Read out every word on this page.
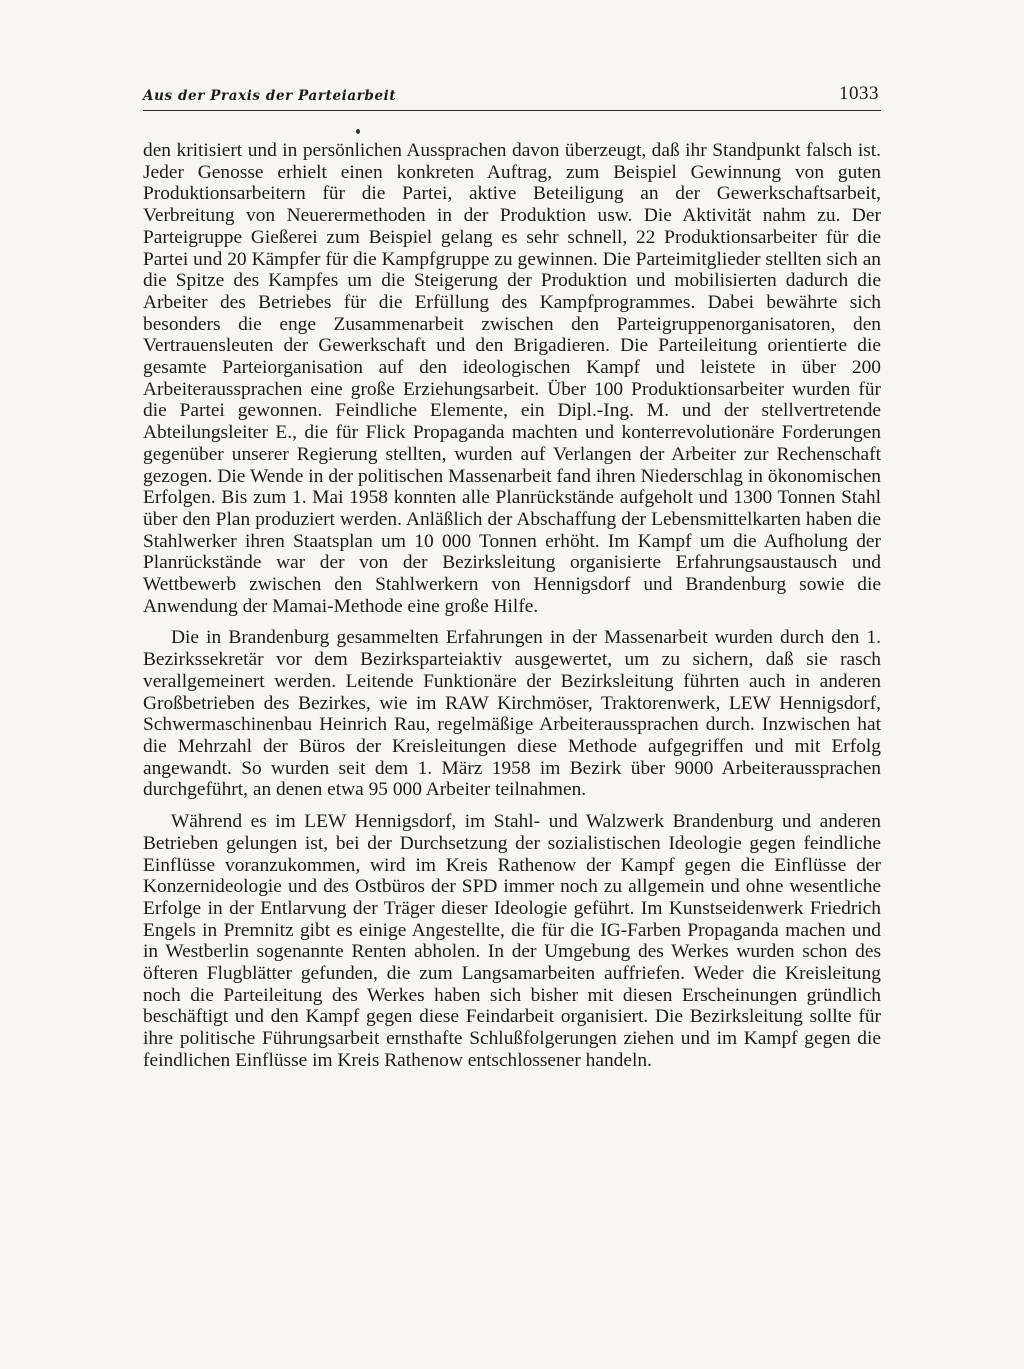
Aus der Praxis der Parteiarbeit	1033

den kritisiert und in persönlichen Aussprachen davon überzeugt, daß ihr Standpunkt falsch ist. Jeder Genosse erhielt einen konkreten Auftrag, zum Beispiel Gewinnung von guten Produktionsarbeitern für die Partei, aktive Beteiligung an der Gewerkschaftsarbeit, Verbreitung von Neuerermethoden in der Produktion usw. Die Aktivität nahm zu. Der Parteigruppe Gießerei zum Beispiel gelang es sehr schnell, 22 Produktionsarbeiter für die Partei und 20 Kämpfer für die Kampfgruppe zu gewinnen. Die Parteimitglieder stellten sich an die Spitze des Kampfes um die Steigerung der Produktion und mobilisierten dadurch die Arbeiter des Betriebes für die Erfüllung des Kampfprogrammes. Dabei bewährte sich besonders die enge Zusammenarbeit zwischen den Parteigruppenorganisatoren, den Vertrauensleuten der Gewerkschaft und den Brigadieren. Die Parteileitung orientierte die gesamte Parteiorganisation auf den ideologischen Kampf und leistete in über 200 Arbeiteraussprachen eine große Erziehungsarbeit. Über 100 Produktionsarbeiter wurden für die Partei gewonnen. Feindliche Elemente, ein Dipl.-Ing. M. und der stellvertretende Abteilungsleiter E., die für Flick Propaganda machten und konterrevolutionäre Forderungen gegenüber unserer Regierung stellten, wurden auf Verlangen der Arbeiter zur Rechenschaft gezogen. Die Wende in der politischen Massenarbeit fand ihren Niederschlag in ökonomischen Erfolgen. Bis zum 1. Mai 1958 konnten alle Planrückstände aufgeholt und 1300 Tonnen Stahl über den Plan produziert werden. Anläßlich der Abschaffung der Lebensmittelkarten haben die Stahlwerker ihren Staatsplan um 10 000 Tonnen erhöht. Im Kampf um die Aufholung der Planrückstände war der von der Bezirksleitung organisierte Erfahrungsaustausch und Wettbewerb zwischen den Stahlwerkern von Hennigsdorf und Brandenburg sowie die Anwendung der Mamai-Methode eine große Hilfe.

Die in Brandenburg gesammelten Erfahrungen in der Massenarbeit wurden durch den 1. Bezirkssekretär vor dem Bezirksparteiaktiv ausgewertet, um zu sichern, daß sie rasch verallgemeinert werden. Leitende Funktionäre der Bezirksleitung führten auch in anderen Großbetrieben des Bezirkes, wie im RAW Kirchmöser, Traktorenwerk, LEW Hennigsdorf, Schwermaschinenbau Heinrich Rau, regelmäßige Arbeiteraussprachen durch. Inzwischen hat die Mehrzahl der Büros der Kreisleitungen diese Methode aufgegriffen und mit Erfolg angewandt. So wurden seit dem 1. März 1958 im Bezirk über 9000 Arbeiteraussprachen durchgeführt, an denen etwa 95 000 Arbeiter teilnahmen.

Während es im LEW Hennigsdorf, im Stahl- und Walzwerk Brandenburg und anderen Betrieben gelungen ist, bei der Durchsetzung der sozialistischen Ideologie gegen feindliche Einflüsse voranzukommen, wird im Kreis Rathenow der Kampf gegen die Einflüsse der Konzernideologie und des Ostbüros der SPD immer noch zu allgemein und ohne wesentliche Erfolge in der Entlarvung der Träger dieser Ideologie geführt. Im Kunstseidenwerk Friedrich Engels in Premnitz gibt es einige Angestellte, die für die IG-Farben Propaganda machen und in Westberlin sogenannte Renten abholen. In der Umgebung des Werkes wurden schon des öfteren Flugblätter gefunden, die zum Langsamarbeiten auffriefen. Weder die Kreisleitung noch die Parteileitung des Werkes haben sich bisher mit diesen Erscheinungen gründlich beschäftigt und den Kampf gegen diese Feindarbeit organisiert. Die Bezirksleitung sollte für ihre politische Führungsarbeit ernsthafte Schlußfolgerungen ziehen und im Kampf gegen die feindlichen Einflüsse im Kreis Rathenow entschlossener handeln.
